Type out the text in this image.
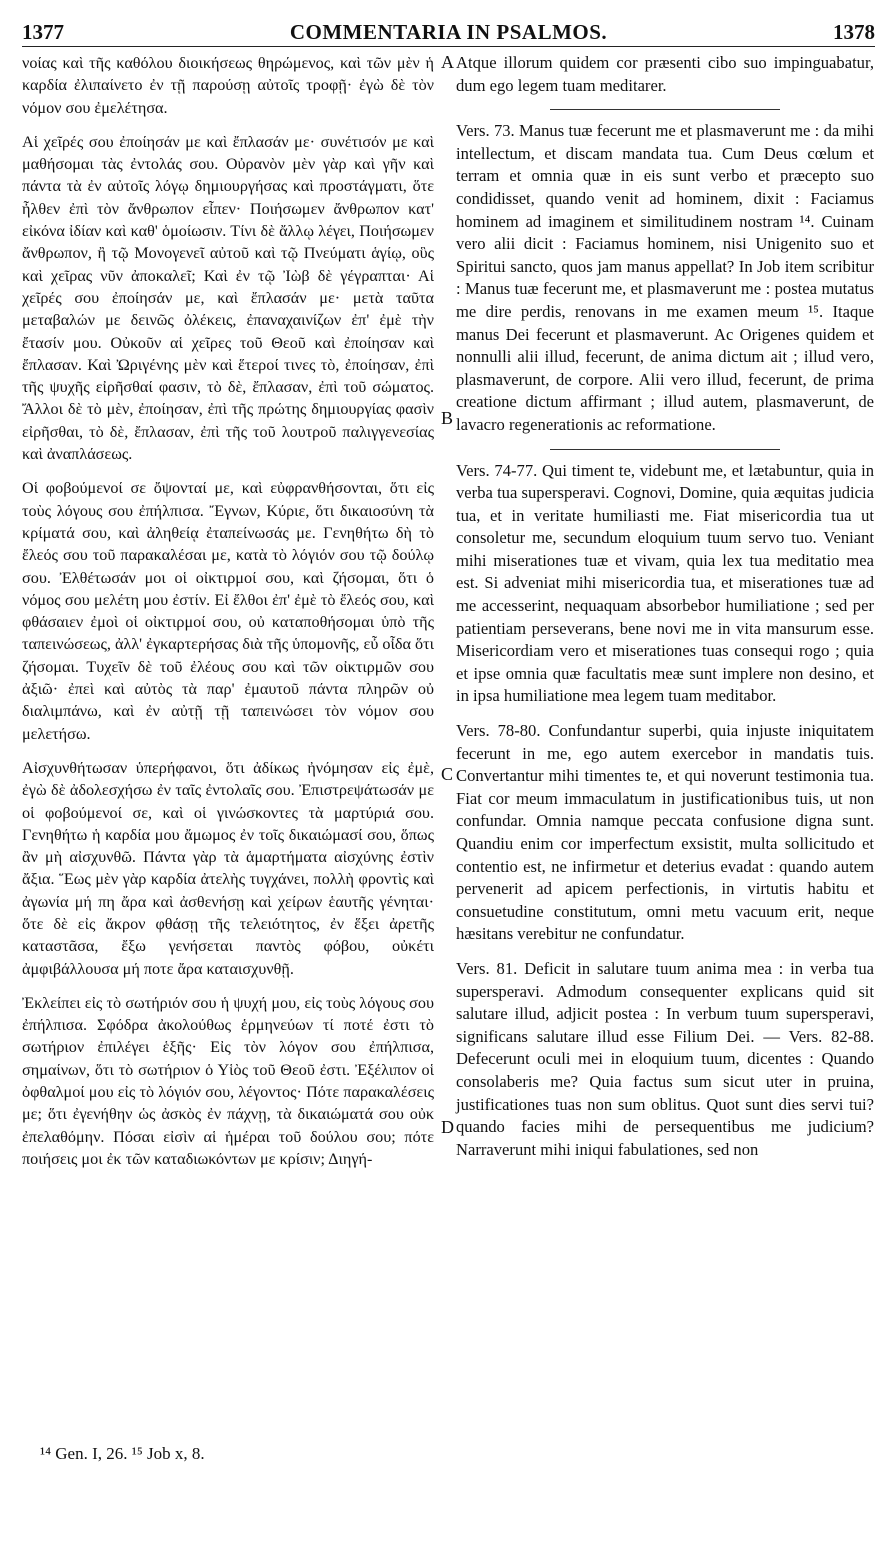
1377	COMMENTARIA IN PSALMOS.	1378

νοίας καὶ τῆς καθόλου διοικήσεως θηρώμενος, καὶ τῶν μὲν ἡ καρδία ἐλιπαίνετο ἐν τῇ παρούσῃ αὐτοῖς τροφῇ· ἐγὼ δὲ τὸν νόμον σου ἐμελέτησα.

Αἱ χεῖρές σου ἐποίησάν με καὶ ἔπλασάν με· συνέτισόν με καὶ μαθήσομαι τὰς ἐντολάς σου. Οὐρανὸν μὲν γὰρ καὶ γῆν καὶ πάντα τὰ ἐν αὐτοῖς λόγῳ δημιουργήσας καὶ προστάγματι, ὅτε ἦλθεν ἐπὶ τὸν ἄνθρωπον εἶπεν· Ποιήσωμεν ἄνθρωπον κατ' εἰκόνα ἰδίαν καὶ καθ' ὁμοίωσιν. Τίνι δὲ ἄλλῳ λέγει, Ποιήσωμεν ἄνθρωπον, ἢ τῷ Μονογενεῖ αὐτοῦ καὶ τῷ Πνεύματι ἁγίῳ, οὓς καὶ χεῖρας νῦν ἀποκαλεῖ; Καὶ ἐν τῷ Ἰὼβ δὲ γέγραπται· Αἱ χεῖρές σου ἐποίησάν με, καὶ ἔπλασάν με· μετὰ ταῦτα μεταβαλών με δεινῶς ὀλέκεις, ἐπαναχαινίζων ἐπ' ἐμὲ τὴν ἔτασίν μου. Οὐκοῦν αἱ χεῖρες τοῦ Θεοῦ καὶ ἐποίησαν καὶ ἔπλασαν. Καὶ Ὠριγένης μὲν καὶ ἕτεροί τινες τὸ, ἐποίησαν, ἐπὶ τῆς ψυχῆς εἰρῆσθαί φασιν, τὸ δὲ, ἔπλασαν, ἐπὶ τοῦ σώματος. Ἄλλοι δὲ τὸ μὲν, ἐποίησαν, ἐπὶ τῆς πρώτης δημιουργίας φασὶν εἰρῆσθαι, τὸ δὲ, ἔπλασαν, ἐπὶ τῆς τοῦ λουτροῦ παλιγγενεσίας καὶ ἀναπλάσεως.

Οἱ φοβούμενοί σε ὄψονταί με, καὶ εὐφρανθήσονται, ὅτι εἰς τοὺς λόγους σου ἐπήλπισα. Ἔγνων, Κύριε, ὅτι δικαιοσύνη τὰ κρίματά σου, καὶ ἀληθείᾳ ἐταπείνωσάς με. Γενηθήτω δὴ τὸ ἔλεός σου τοῦ παρακαλέσαι με, κατὰ τὸ λόγιόν σου τῷ δούλῳ σου. Ἐλθέτωσάν μοι οἱ οἰκτιρμοί σου, καὶ ζήσομαι, ὅτι ὁ νόμος σου μελέτη μου ἐστίν. Εἰ ἔλθοι ἐπ' ἐμὲ τὸ ἔλεός σου, καὶ φθάσαιεν ἐμοὶ οἱ οἰκτιρμοί σου, οὐ καταποθήσομαι ὑπὸ τῆς ταπεινώσεως, ἀλλ' ἐγκαρτερήσας διὰ τῆς ὑπομονῆς, εὖ οἶδα ὅτι ζήσομαι. Τυχεῖν δὲ τοῦ ἐλέους σου καὶ τῶν οἰκτιρμῶν σου ἀξιῶ· ἐπεὶ καὶ αὐτὸς τὰ παρ' ἐμαυτοῦ πάντα πληρῶν οὐ διαλιμπάνω, καὶ ἐν αὐτῇ τῇ ταπεινώσει τὸν νόμον σου μελετήσω.

Αἰσχυνθήτωσαν ὑπερήφανοι, ὅτι ἀδίκως ἠνόμησαν εἰς ἐμὲ, ἐγὼ δὲ ἀδολεσχήσω ἐν ταῖς ἐντολαῖς σου. Ἐπιστρεψάτωσάν με οἱ φοβούμενοί σε, καὶ οἱ γινώσκοντες τὰ μαρτύριά σου. Γενηθήτω ἡ καρδία μου ἄμωμος ἐν τοῖς δικαιώμασί σου, ὅπως ἂν μὴ αἰσχυνθῶ. Πάντα γὰρ τὰ ἁμαρτήματα αἰσχύνης ἐστὶν ἄξια. Ἕως μὲν γὰρ καρδία ἀτελὴς τυγχάνει, πολλὴ φροντὶς καὶ ἀγωνία μή πη ἄρα καὶ ἀσθενήσῃ καὶ χείρων ἑαυτῆς γένηται· ὅτε δὲ εἰς ἄκρον φθάσῃ τῆς τελειότητος, ἐν ἕξει ἀρετῆς καταστᾶσα, ἔξω γενήσεται παντὸς φόβου, οὐκέτι ἀμφιβάλλουσα μή ποτε ἄρα καταισχυνθῇ.

Ἐκλείπει εἰς τὸ σωτήριόν σου ἡ ψυχή μου, εἰς τοὺς λόγους σου ἐπήλπισα. Σφόδρα ἀκολούθως ἑρμηνεύων τί ποτέ ἐστι τὸ σωτήριον ἐπιλέγει ἑξῆς· Εἰς τὸν λόγον σου ἐπήλπισα, σημαίνων, ὅτι τὸ σωτήριον ὁ Υἱὸς τοῦ Θεοῦ ἐστι. Ἐξέλιπον οἱ ὀφθαλμοί μου εἰς τὸ λόγιόν σου, λέγοντος· Πότε παρακαλέσεις με; ὅτι ἐγενήθην ὡς ἀσκὸς ἐν πάχνῃ, τὰ δικαιώματά σου οὐκ ἐπελαθόμην. Πόσαι εἰσὶν αἱ ἡμέραι τοῦ δούλου σου; πότε ποιήσεις μοι ἐκ τῶν καταδιωκόντων με κρίσιν; Διηγή-

Atque illorum quidem cor præsenti cibo suo impinguabatur, dum ego legem tuam meditarer.

Vers. 73. Manus tuæ fecerunt me et plasmaverunt me : da mihi intellectum, et discam mandata tua. Cum Deus cœlum et terram et omnia quæ in eis sunt verbo et præcepto suo condidisset, quando venit ad hominem, dixit : Faciamus hominem ad imaginem et similitudinem nostram ¹⁴. Cuinam vero alii dicit : Faciamus hominem, nisi Unigenito suo et Spiritui sancto, quos jam manus appellat? In Job item scribitur : Manus tuæ fecerunt me, et plasmaverunt me : postea mutatus me dire perdis, renovans in me examen meum ¹⁵. Itaque manus Dei fecerunt et plasmaverunt. Ac Origenes quidem et nonnulli alii illud, fecerunt, de anima dictum ait ; illud vero, plasmaverunt, de corpore. Alii vero illud, fecerunt, de prima creatione dictum affirmant ; illud autem, plasmaverunt, de lavacro regenerationis ac reformatione.

Vers. 74-77. Qui timent te, videbunt me, et lætabuntur, quia in verba tua supersperavi. Cognovi, Domine, quia æquitas judicia tua, et in veritate humiliasti me. Fiat misericordia tua ut consoletur me, secundum eloquium tuum servo tuo. Veniant mihi miserationes tuæ et vivam, quia lex tua meditatio mea est. Si adveniat mihi misericordia tua, et miserationes tuæ ad me accesserint, nequaquam absorbebor humiliatione ; sed per patientiam perseverans, bene novi me in vita mansurum esse. Misericordiam vero et miserationes tuas consequi rogo ; quia et ipse omnia quæ facultatis meæ sunt implere non desino, et in ipsa humiliatione mea legem tuam meditabor.

Vers. 78-80. Confundantur superbi, quia injuste iniquitatem fecerunt in me, ego autem exercebor in mandatis tuis. Convertantur mihi timentes te, et qui noverunt testimonia tua. Fiat cor meum immaculatum in justificationibus tuis, ut non confundar. Omnia namque peccata confusione digna sunt. Quandiu enim cor imperfectum exsistit, multa sollicitudo et contentio est, ne infirmetur et deterius evadat : quando autem pervenerit ad apicem perfectionis, in virtutis habitu et consuetudine constitutum, omni metu vacuum erit, neque hæsitans verebitur ne confundatur.

Vers. 81. Deficit in salutare tuum anima mea : in verba tua supersperavi. Admodum consequenter explicans quid sit salutare illud, adjicit postea : In verbum tuum supersperavi, significans salutare illud esse Filium Dei. — Vers. 82-88. Defecerunt oculi mei in eloquium tuum, dicentes : Quando consolaberis me? Quia factus sum sicut uter in pruina, justificationes tuas non sum oblitus. Quot sunt dies servi tui? quando facies mihi de persequentibus me judicium? Narraverunt mihi iniqui fabulationes, sed non

A
B
C
D
¹⁴ Gen. I, 26. ¹⁵ Job x, 8.
